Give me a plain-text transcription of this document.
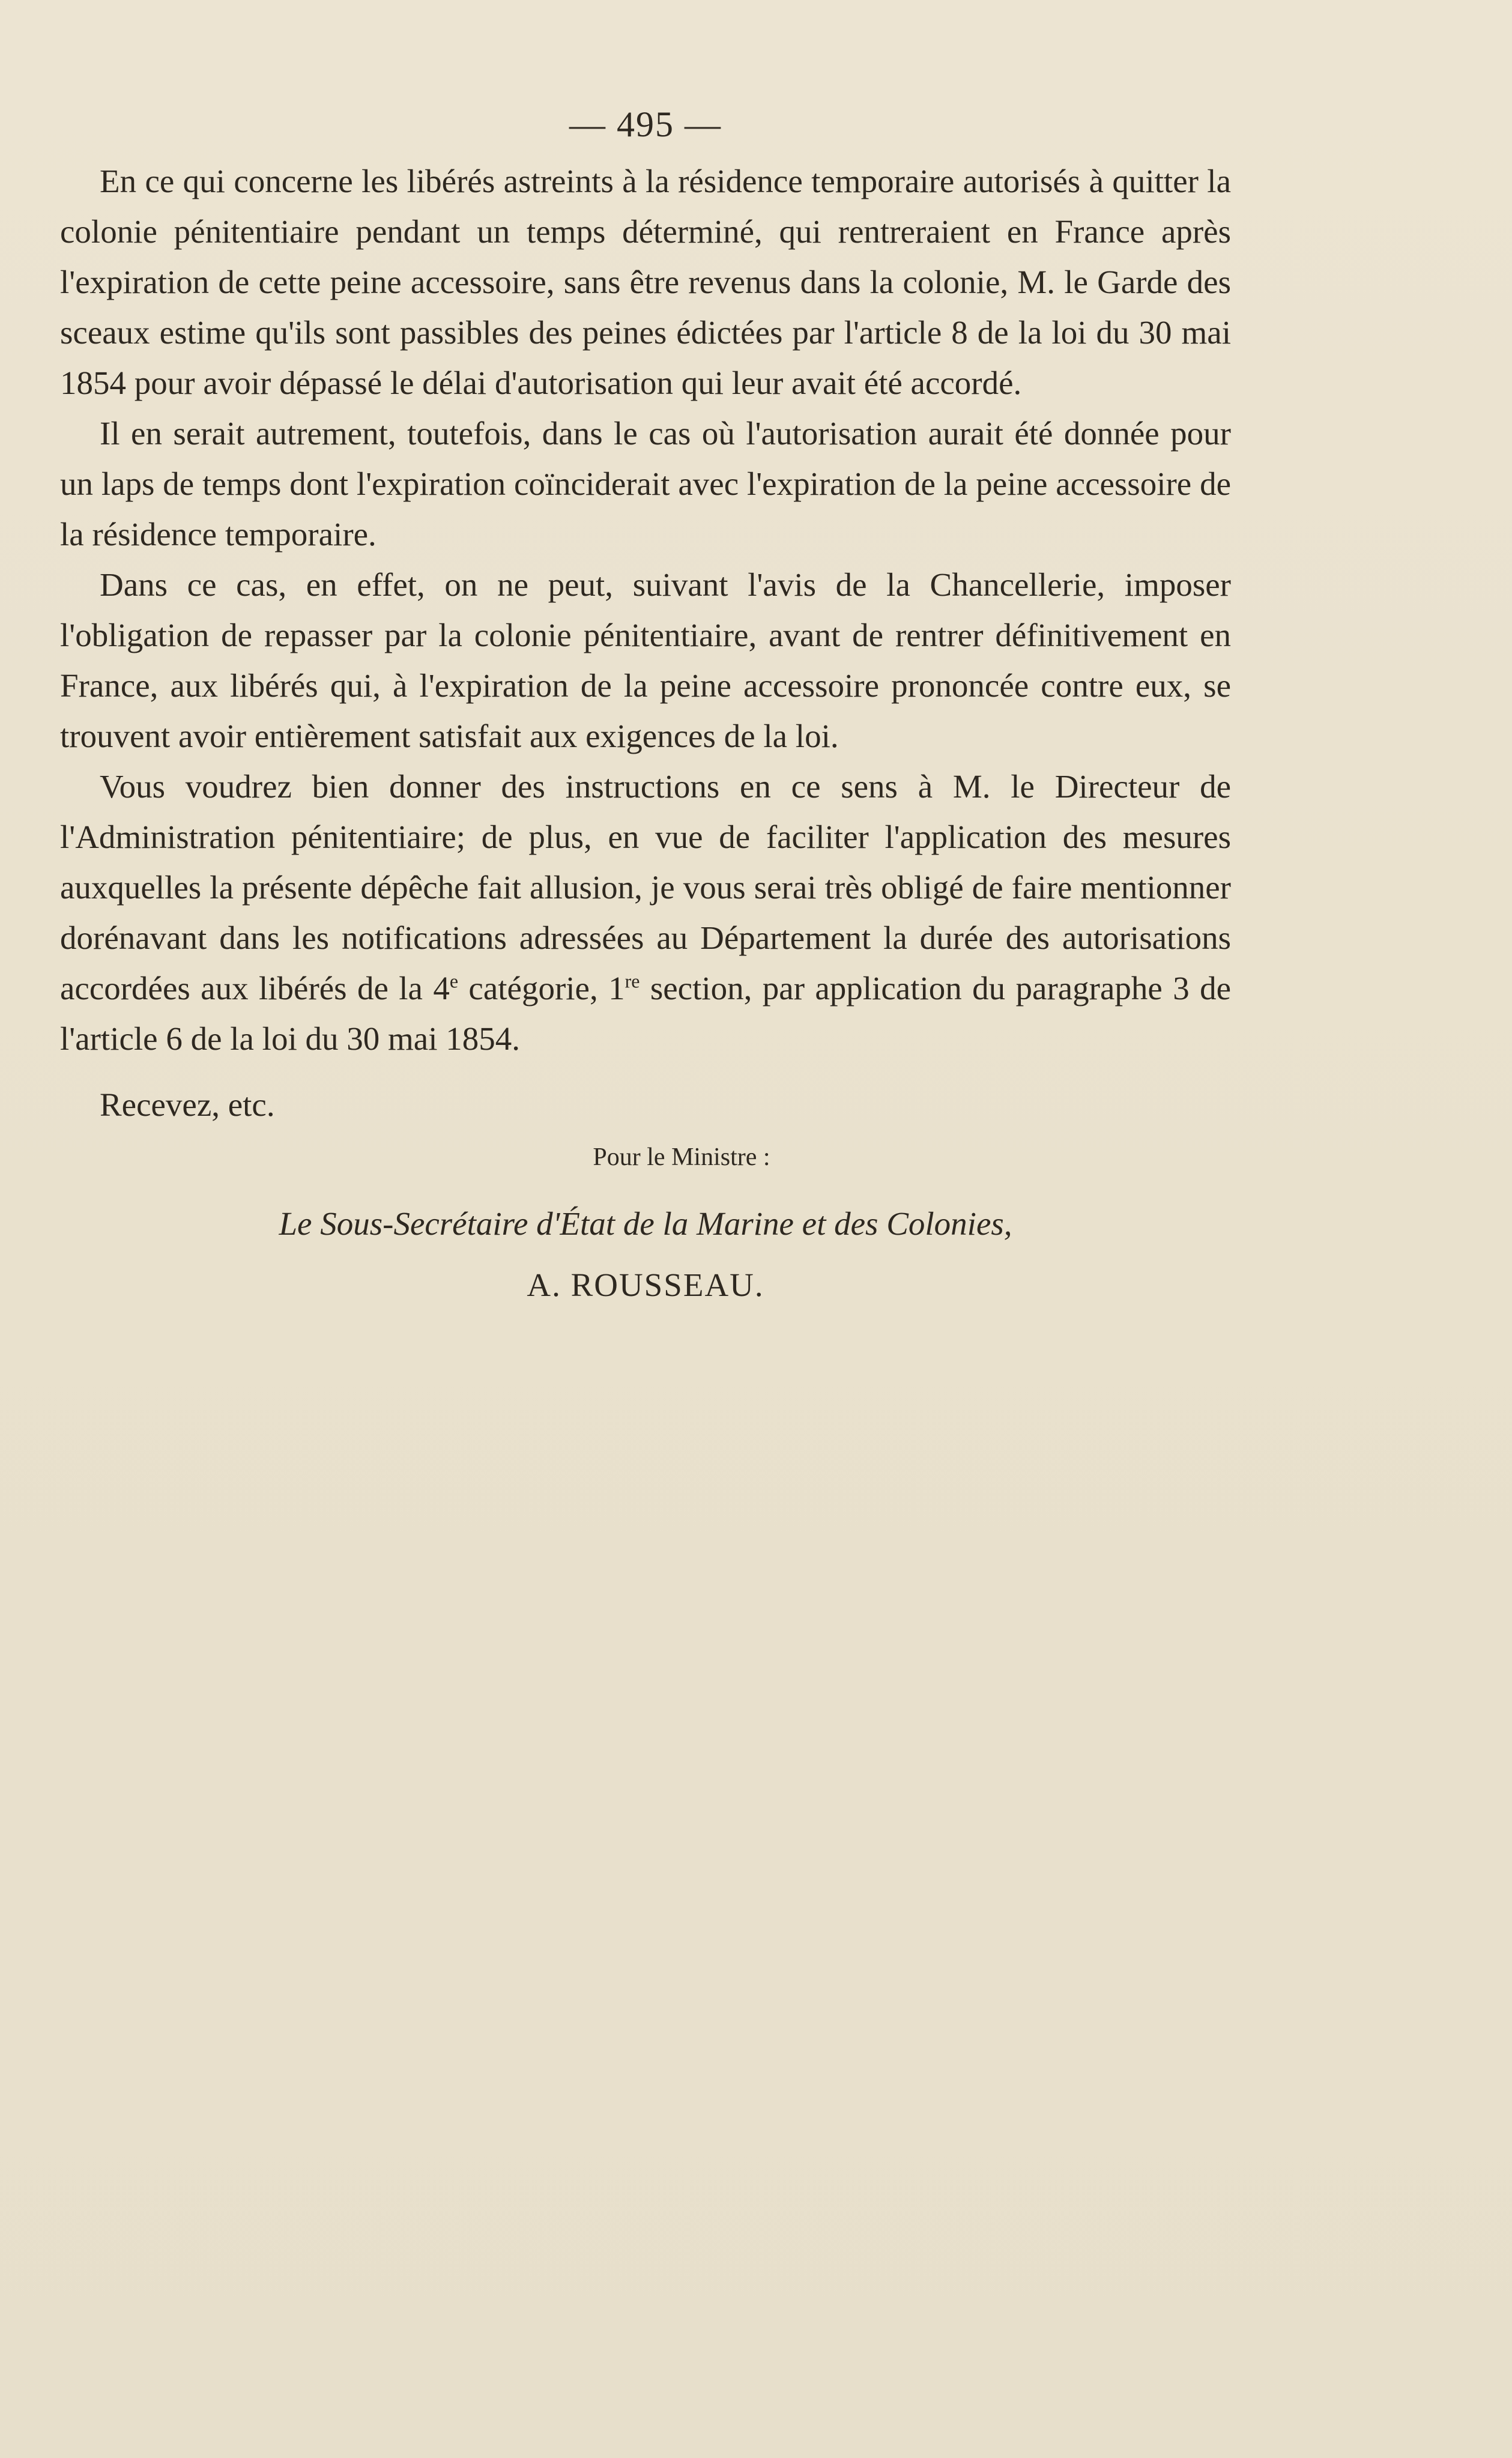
— 495 —

En ce qui concerne les libérés astreints à la résidence temporaire autorisés à quitter la colonie pénitentiaire pendant un temps déterminé, qui rentreraient en France après l'expiration de cette peine accessoire, sans être revenus dans la colonie, M. le Garde des sceaux estime qu'ils sont passibles des peines édictées par l'article 8 de la loi du 30 mai 1854 pour avoir dépassé le délai d'autorisation qui leur avait été accordé.

Il en serait autrement, toutefois, dans le cas où l'autorisation aurait été donnée pour un laps de temps dont l'expiration coïnciderait avec l'expiration de la peine accessoire de la résidence temporaire.

Dans ce cas, en effet, on ne peut, suivant l'avis de la Chancellerie, imposer l'obligation de repasser par la colonie pénitentiaire, avant de rentrer définitivement en France, aux libérés qui, à l'expiration de la peine accessoire prononcée contre eux, se trouvent avoir entièrement satisfait aux exigences de la loi.

Vous voudrez bien donner des instructions en ce sens à M. le Directeur de l'Administration pénitentiaire; de plus, en vue de faciliter l'application des mesures auxquelles la présente dépêche fait allusion, je vous serai très obligé de faire mentionner dorénavant dans les notifications adressées au Département la durée des autorisations accordées aux libérés de la 4e catégorie, 1re section, par application du paragraphe 3 de l'article 6 de la loi du 30 mai 1854.

Recevez, etc.

Pour le Ministre :
Le Sous-Secrétaire d'État de la Marine et des Colonies,
A. ROUSSEAU.
